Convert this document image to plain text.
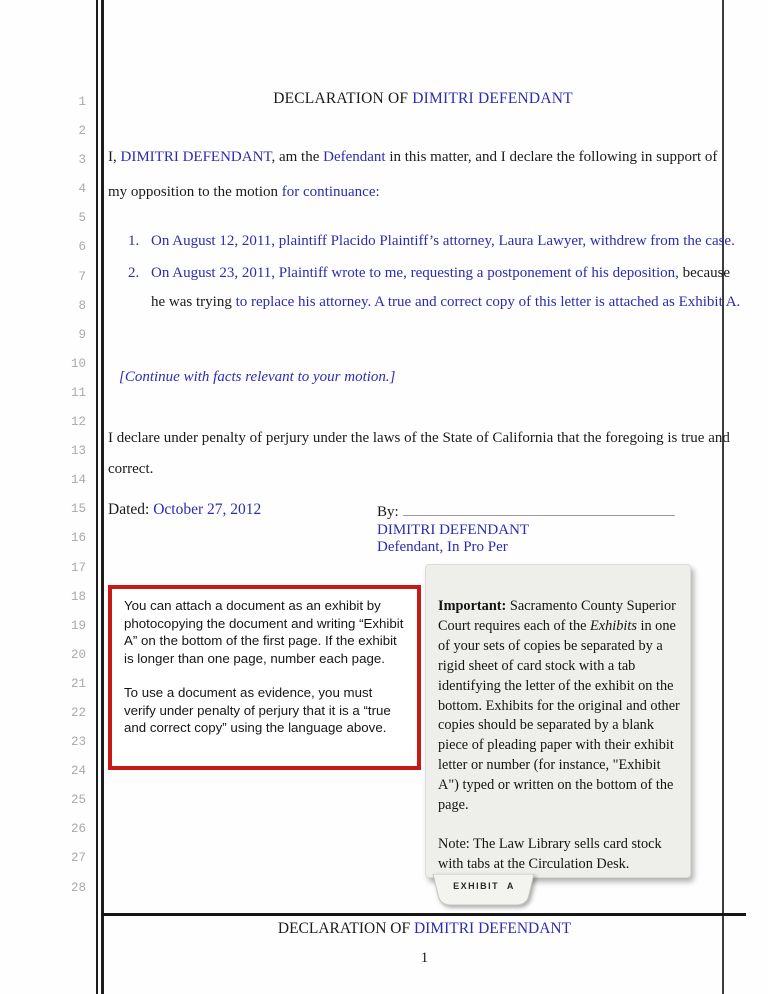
1
2
3
4
5
6
7
8
9
10
11
12
13
14
15
16
17
18
19
20
21
22
23
24
25
26
27
28
DECLARATION OF DIMITRI DEFENDANT
I, DIMITRI DEFENDANT, am the Defendant in this matter, and I declare the following in support of my opposition to the motion for continuance:
1. On August 12, 2011, plaintiff Placido Plaintiff’s attorney, Laura Lawyer, withdrew from the case.
2. On August 23, 2011, Plaintiff wrote to me, requesting a postponement of his deposition, because he was trying to replace his attorney. A true and correct copy of this letter is attached as Exhibit A.
[Continue with facts relevant to your motion.]
I declare under penalty of perjury under the laws of the State of California that the foregoing is true and correct.
Dated: October 27, 2012	By:
DIMITRI DEFENDANT
Defendant, In Pro Per
You can attach a document as an exhibit by photocopying the document and writing “Exhibit A” on the bottom of the first page. If the exhibit is longer than one page, number each page.
To use a document as evidence, you must verify under penalty of perjury that it is a “true and correct copy” using the language above.
Important: Sacramento County Superior Court requires each of the Exhibits in one of your sets of copies be separated by a rigid sheet of card stock with a tab identifying the letter of the exhibit on the bottom. Exhibits for the original and other copies should be separated by a blank piece of pleading paper with their exhibit letter or number (for instance, "Exhibit A") typed or written on the bottom of the page.
Note: The Law Library sells card stock with tabs at the Circulation Desk.
EXHIBIT  A
DECLARATION OF DIMITRI DEFENDANT
1
